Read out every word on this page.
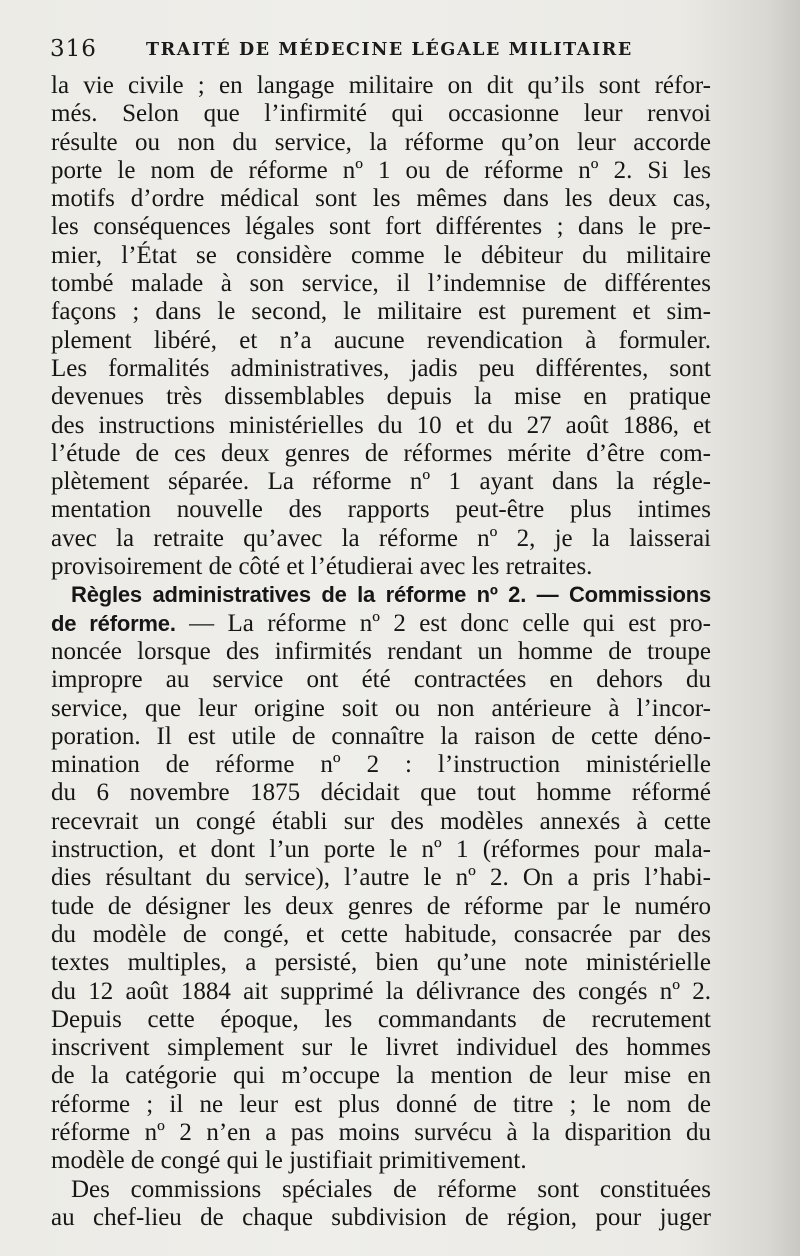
316	TRAITÉ DE MÉDECINE LÉGALE MILITAIRE
la vie civile ; en langage militaire on dit qu’ils sont réfor-
més. Selon que l’infirmité qui occasionne leur renvoi
résulte ou non du service, la réforme qu’on leur accorde
porte le nom de réforme nº 1 ou de réforme nº 2. Si les
motifs d’ordre médical sont les mêmes dans les deux cas,
les conséquences légales sont fort différentes ; dans le pre-
mier, l’État se considère comme le débiteur du militaire
tombé malade à son service, il l’indemnise de différentes
façons ; dans le second, le militaire est purement et sim-
plement libéré, et n’a aucune revendication à formuler.
Les formalités administratives, jadis peu différentes, sont
devenues très dissemblables depuis la mise en pratique
des instructions ministérielles du 10 et du 27 août 1886, et
l’étude de ces deux genres de réformes mérite d’être com-
plètement séparée. La réforme nº 1 ayant dans la régle-
mentation nouvelle des rapports peut-être plus intimes
avec la retraite qu’avec la réforme nº 2, je la laisserai
provisoirement de côté et l’étudierai avec les retraites.
Règles administratives de la réforme nº 2. — Commissions
de réforme. — La réforme nº 2 est donc celle qui est pro-
noncée lorsque des infirmités rendant un homme de troupe
impropre au service ont été contractées en dehors du
service, que leur origine soit ou non antérieure à l’incor-
poration. Il est utile de connaître la raison de cette déno-
mination de réforme nº 2 : l’instruction ministérielle
du 6 novembre 1875 décidait que tout homme réformé
recevrait un congé établi sur des modèles annexés à cette
instruction, et dont l’un porte le nº 1 (réformes pour mala-
dies résultant du service), l’autre le nº 2. On a pris l’habi-
tude de désigner les deux genres de réforme par le numéro
du modèle de congé, et cette habitude, consacrée par des
textes multiples, a persisté, bien qu’une note ministérielle
du 12 août 1884 ait supprimé la délivrance des congés nº 2.
Depuis cette époque, les commandants de recrutement
inscrivent simplement sur le livret individuel des hommes
de la catégorie qui m’occupe la mention de leur mise en
réforme ; il ne leur est plus donné de titre ; le nom de
réforme nº 2 n’en a pas moins survécu à la disparition du
modèle de congé qui le justifiait primitivement.
Des commissions spéciales de réforme sont constituées
au chef-lieu de chaque subdivision de région, pour juger
